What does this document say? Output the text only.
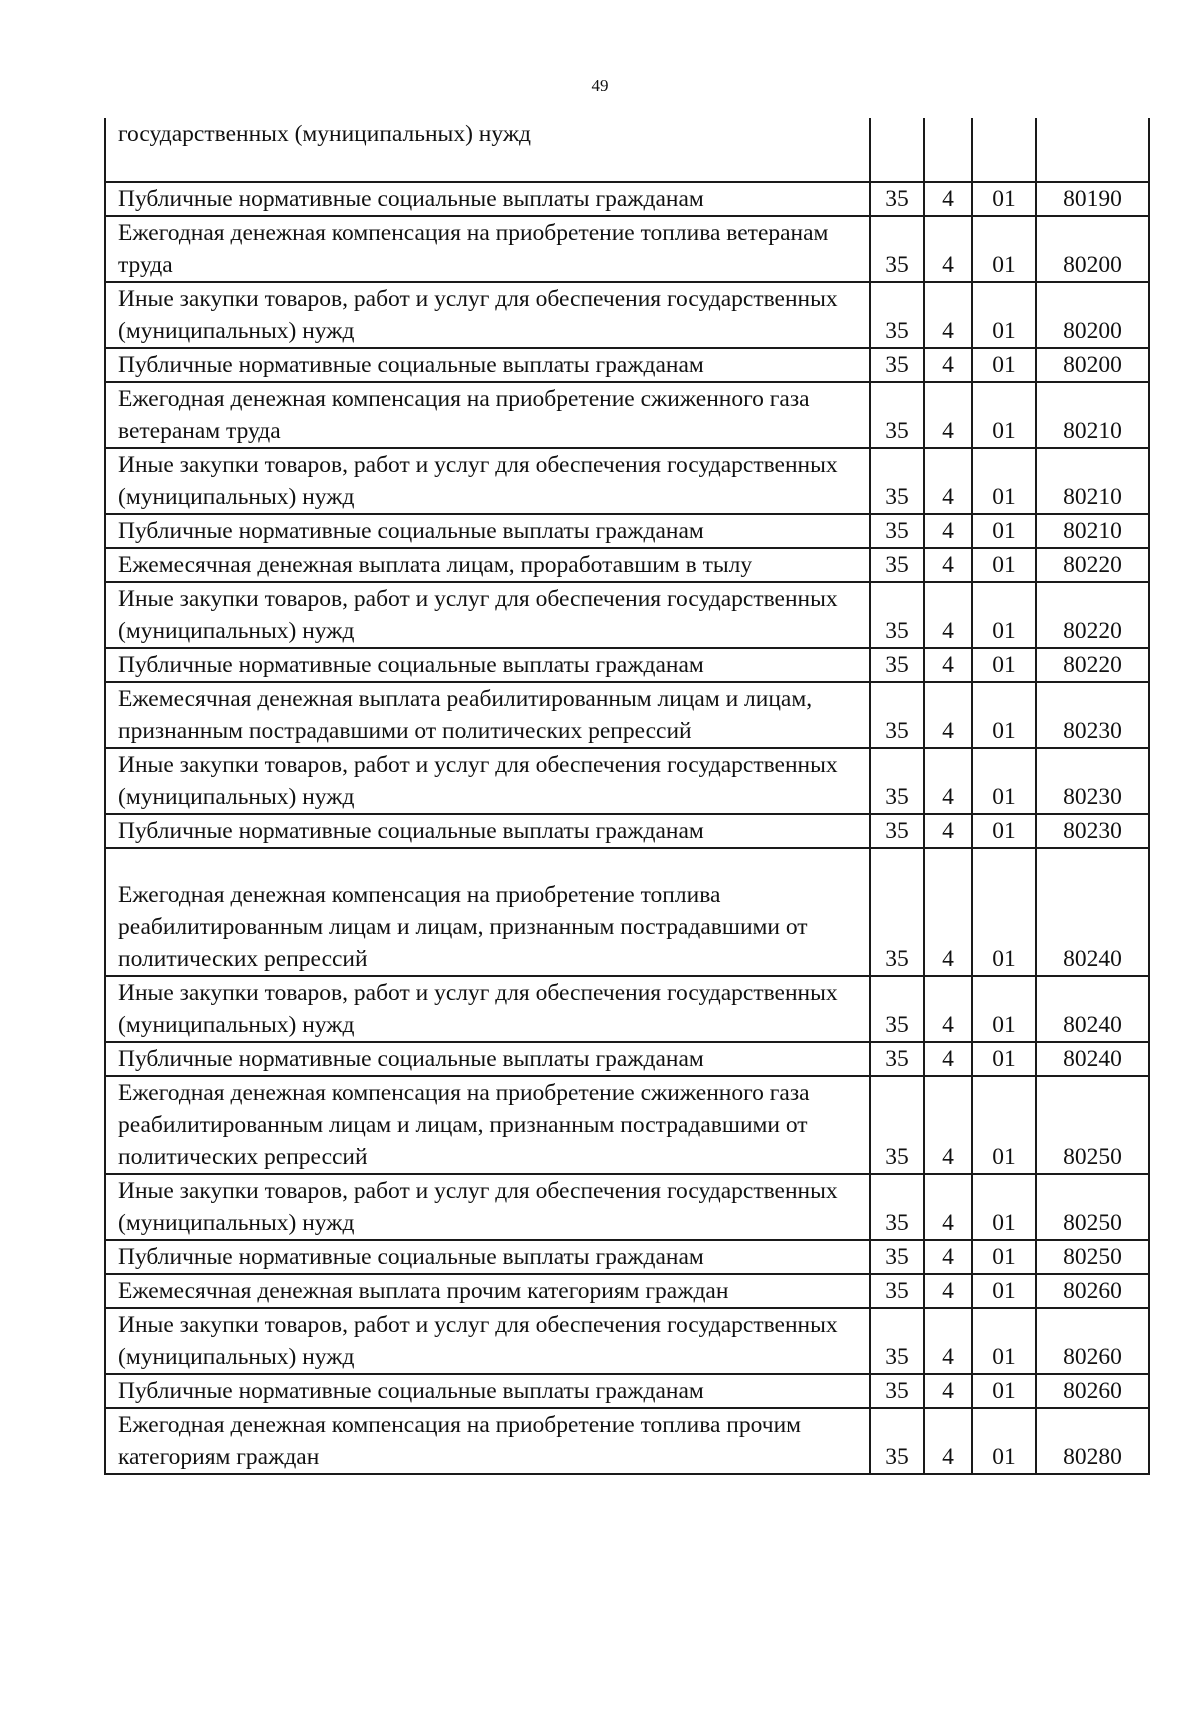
49
государственных (муниципальных) нужд				
Публичные нормативные социальные выплаты гражданам	35	4	01	80190
Ежегодная денежная компенсация на приобретение топлива ветеранам труда	35	4	01	80200
Иные закупки товаров, работ и услуг для обеспечения государственных (муниципальных) нужд	35	4	01	80200
Публичные нормативные социальные выплаты гражданам	35	4	01	80200
Ежегодная денежная компенсация на приобретение сжиженного газа ветеранам труда	35	4	01	80210
Иные закупки товаров, работ и услуг для обеспечения государственных (муниципальных) нужд	35	4	01	80210
Публичные нормативные социальные выплаты гражданам	35	4	01	80210
Ежемесячная денежная выплата лицам, проработавшим в тылу	35	4	01	80220
Иные закупки товаров, работ и услуг для обеспечения государственных (муниципальных) нужд	35	4	01	80220
Публичные нормативные социальные выплаты гражданам	35	4	01	80220
Ежемесячная денежная выплата реабилитированным лицам и лицам, признанным пострадавшими от политических репрессий	35	4	01	80230
Иные закупки товаров, работ и услуг для обеспечения государственных (муниципальных) нужд	35	4	01	80230
Публичные нормативные социальные выплаты гражданам	35	4	01	80230
Ежегодная денежная компенсация на приобретение топлива реабилитированным лицам и лицам, признанным пострадавшими от политических репрессий	35	4	01	80240
Иные закупки товаров, работ и услуг для обеспечения государственных (муниципальных) нужд	35	4	01	80240
Публичные нормативные социальные выплаты гражданам	35	4	01	80240
Ежегодная денежная компенсация на приобретение сжиженного газа реабилитированным лицам и лицам, признанным пострадавшими от политических репрессий	35	4	01	80250
Иные закупки товаров, работ и услуг для обеспечения государственных (муниципальных) нужд	35	4	01	80250
Публичные нормативные социальные выплаты гражданам	35	4	01	80250
Ежемесячная денежная выплата прочим категориям граждан	35	4	01	80260
Иные закупки товаров, работ и услуг для обеспечения государственных (муниципальных) нужд	35	4	01	80260
Публичные нормативные социальные выплаты гражданам	35	4	01	80260
Ежегодная денежная компенсация на приобретение топлива прочим категориям граждан	35	4	01	80280
